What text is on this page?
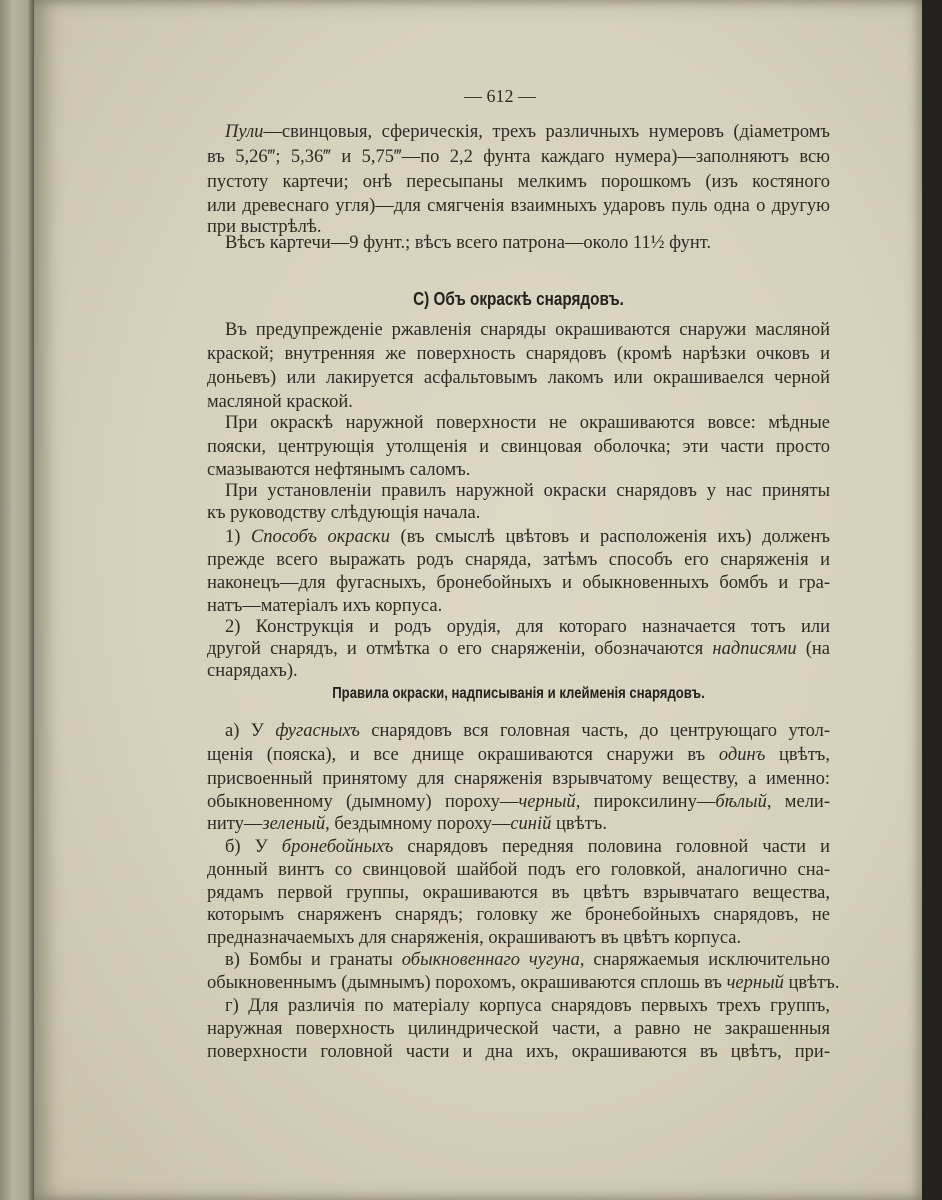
— 612 —
C) Объ окраскѣ снарядовъ.
Правила окраски, надписыванія и клейменія снарядовъ.
Пули—свинцовыя, сферическія, трехъ различныхъ нумеровъ (діаметромъ
въ 5,26‴; 5,36‴ и 5,75‴—по 2,2 фунта каждаго нумера)—заполняютъ всю
пустоту картечи; онѣ пересыпаны мелкимъ порошкомъ (изъ костяного
или древеснаго угля)—для смягченія взаимныхъ ударовъ пуль одна о другую
при выстрѣлѣ.
Вѣсъ картечи—9 фунт.; вѣсъ всего патрона—около 11½ фунт.
Въ предупрежденіе ржавленія снаряды окрашиваются снаружи масляной
краской; внутренняя же поверхность снарядовъ (кромѣ нарѣзки очковъ и
доньевъ) или лакируется асфальтовымъ лакомъ или окрашиваелся черной
масляной краской.
При окраскѣ наружной поверхности не окрашиваются вовсе: мѣдные
пояски, центрующія утолщенія и свинцовая оболочка; эти части просто
смазываются нефтянымъ саломъ.
При установленіи правилъ наружной окраски снарядовъ у нас приняты
къ руководству слѣдующія начала.
1) Способъ окраски (въ смыслѣ цвѣтовъ и расположенія ихъ) долженъ
прежде всего выражать родъ снаряда, затѣмъ способъ его снаряженія и
наконецъ—для фугасныхъ, бронебойныхъ и обыкновенныхъ бомбъ и гра-
натъ—матеріалъ ихъ корпуса.
2) Конструкція и родъ орудія, для котораго назначается тотъ или
другой снарядъ, и отмѣтка о его снаряженіи, обозначаются надписями (на
снарядахъ).
а) У фугасныхъ снарядовъ вся головная часть, до центрующаго утол-
щенія (пояска), и все днище окрашиваются снаружи въ одинъ цвѣтъ,
присвоенный принятому для снаряженія взрывчатому веществу, а именно:
обыкновенному (дымному) пороху—черный, пироксилину—бѣлый, мели-
ниту—зеленый, бездымному пороху—синій цвѣтъ.
б) У бронебойныхъ снарядовъ передняя половина головной части и
донный винтъ со свинцовой шайбой подъ его головкой, аналогично сна-
рядамъ первой группы, окрашиваются въ цвѣтъ взрывчатаго вещества,
которымъ снаряженъ снарядъ; головку же бронебойныхъ снарядовъ, не
предназначаемыхъ для снаряженія, окрашиваютъ въ цвѣтъ корпуса.
в) Бомбы и гранаты обыкновеннаго чугуна, снаряжаемыя исключительно
обыкновеннымъ (дымнымъ) порохомъ, окрашиваются сплошь въ черный цвѣтъ.
г) Для различія по матеріалу корпуса снарядовъ первыхъ трехъ группъ,
наружная поверхность цилиндрической части, а равно не закрашенныя
поверхности головной части и дна ихъ, окрашиваются въ цвѣтъ, при-
